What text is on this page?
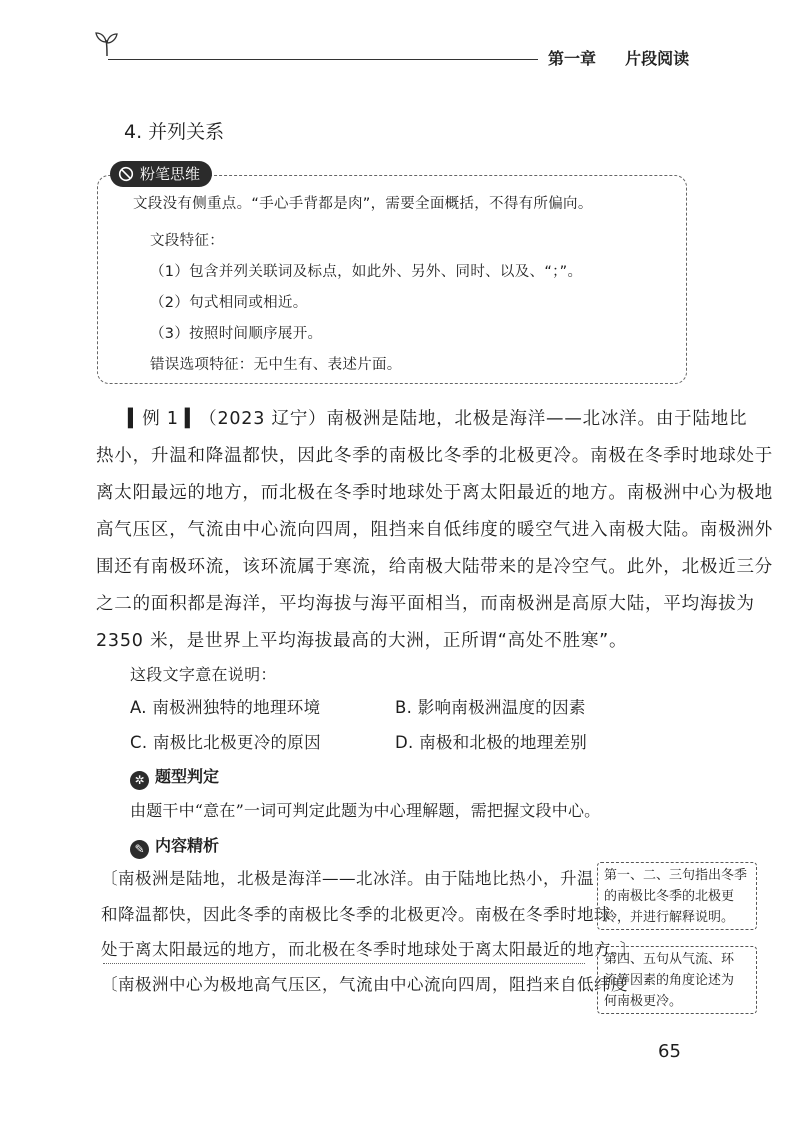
第一章 片段阅读
4. 并列关系
粉笔思维
文段没有侧重点。“手心手背都是肉”，需要全面概括，不得有所偏向。
文段特征：
（1）包含并列关联词及标点，如此外、另外、同时、以及、“；”。
（2）句式相同或相近。
（3）按照时间顺序展开。
错误选项特征：无中生有、表述片面。
▍例 1 ▍（2023 辽宁）南极洲是陆地，北极是海洋——北冰洋。由于陆地比
热小，升温和降温都快，因此冬季的南极比冬季的北极更冷。南极在冬季时地球处于
离太阳最远的地方，而北极在冬季时地球处于离太阳最近的地方。南极洲中心为极地
高气压区，气流由中心流向四周，阻挡来自低纬度的暖空气进入南极大陆。南极洲外
围还有南极环流，该环流属于寒流，给南极大陆带来的是冷空气。此外，北极近三分
之二的面积都是海洋，平均海拔与海平面相当，而南极洲是高原大陆，平均海拔为
2350 米，是世界上平均海拔最高的大洲，正所谓“高处不胜寒”。
这段文字意在说明：
A. 南极洲独特的地理环境	B. 影响南极洲温度的因素
C. 南极比北极更冷的原因	D. 南极和北极的地理差别
✲ 题型判定
由题干中“意在”一词可判定此题为中心理解题，需把握文段中心。
✎ 内容精析
〔南极洲是陆地，北极是海洋——北冰洋。由于陆地比热小，升温
和降温都快，因此冬季的南极比冬季的北极更冷。南极在冬季时地球
处于离太阳最远的地方，而北极在冬季时地球处于离太阳最近的地方。〕
〔南极洲中心为极地高气压区，气流由中心流向四周，阻挡来自低纬度
第一、二、三句指出冬季
的南极比冬季的北极更
冷，并进行解释说明。
第四、五句从气流、环
流等因素的角度论述为
何南极更冷。
65
